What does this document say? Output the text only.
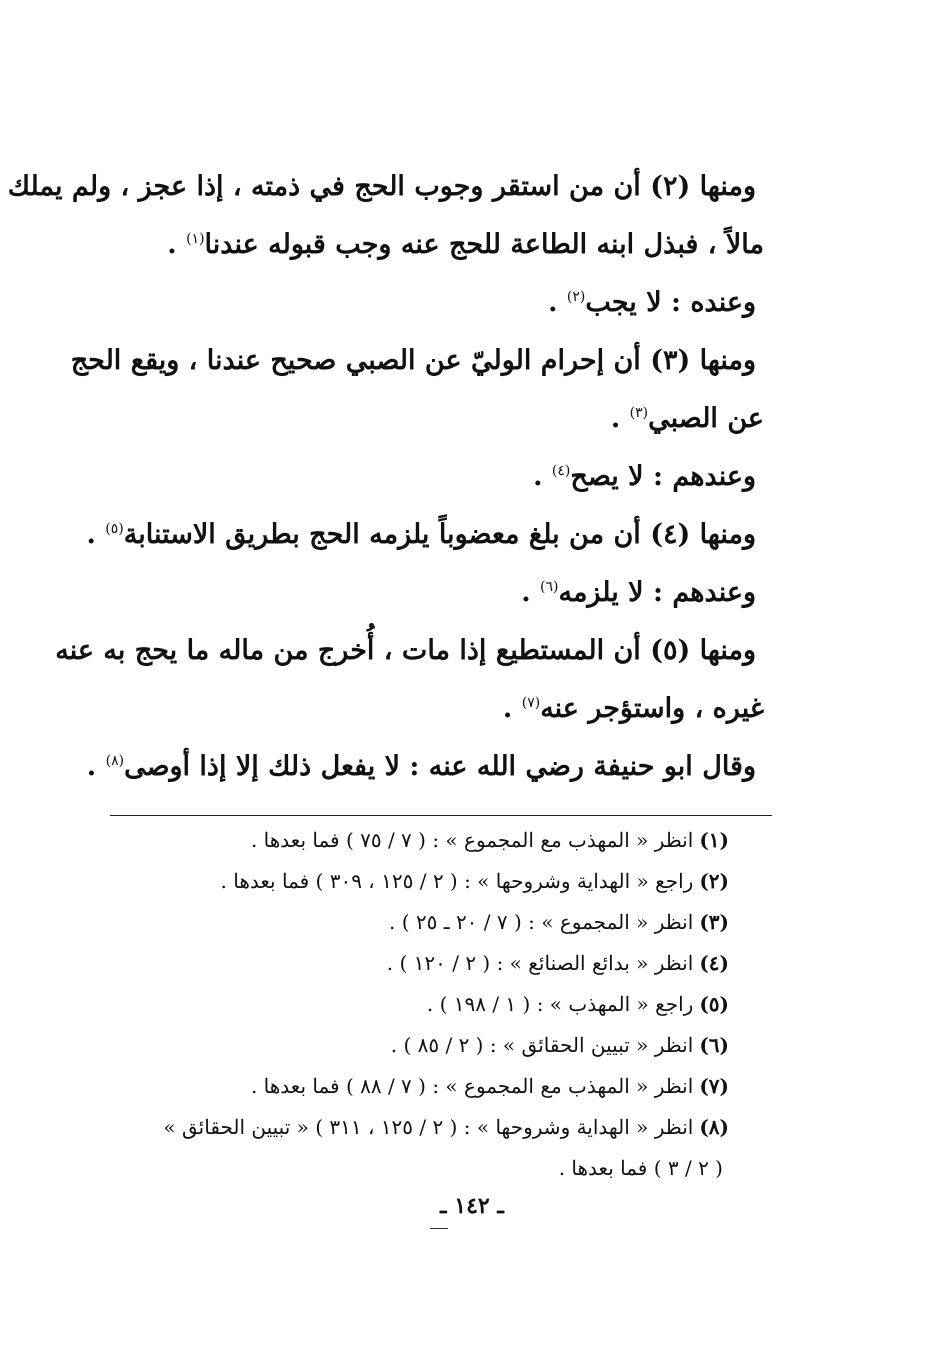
ومنها (٢) أن من استقر وجوب الحج في ذمته ، إذا عجز ، ولم يملك
مالاً ، فبذل ابنه الطاعة للحج عنه وجب قبوله عندنا$^{(١)}$ .
وعنده : لا يجب$^{(٢)}$ .
ومنها (٣) أن إحرام الوليّ عن الصبي صحيح عندنا ، ويقع الحج
عن الصبي$^{(٣)}$ .
وعندهم : لا يصح$^{(٤)}$ .
ومنها (٤) أن من بلغ معضوباً يلزمه الحج بطريق الاستنابة$^{(٥)}$ .
وعندهم : لا يلزمه$^{(٦)}$ .
ومنها (٥) أن المستطيع إذا مات ، أُخرج من ماله ما يحج به عنه
غيره ، واستؤجر عنه$^{(٧)}$ .
وقال ابو حنيفة رضي الله عنه : لا يفعل ذلك إلا إذا أوصى$^{(٨)}$ .
(١)انظر « المهذب مع المجموع » : ( ٧ / ٧٥ ) فما بعدها .
(٢)راجع « الهداية وشروحها » : ( ٢ / ١٢٥ ، ٣٠٩ ) فما بعدها .
(٣)انظر « المجموع » : ( ٧ / ٢٠ ـ ٢٥ ) .
(٤)انظر « بدائع الصنائع » : ( ٢ / ١٢٠ ) .
(٥)راجع « المهذب » : ( ١ / ١٩٨ ) .
(٦)انظر « تبيين الحقائق » : ( ٢ / ٨٥ ) .
(٧)انظر « المهذب مع المجموع » : ( ٧ / ٨٨ ) فما بعدها .
(٨)انظر « الهداية وشروحها » : ( ٢ / ١٢٥ ، ٣١١ ) « تبيين الحقائق »
( ٢ / ٣ ) فما بعدها .
ـ ١٤٢ ـ
